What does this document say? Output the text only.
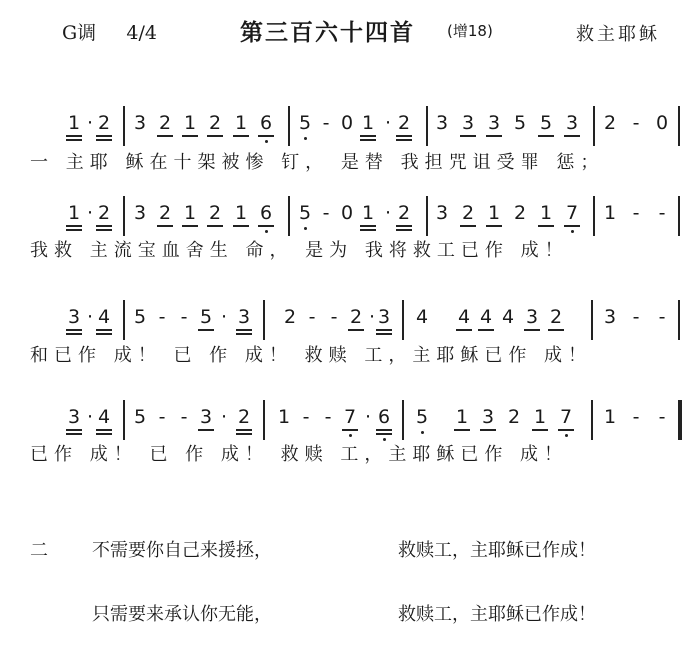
G调 4/4	第三百六十四首 (增18)	救主耶稣
1 · 2 3 2 1 2 1 6 5 - 0 1 · 2 3 3 3 5 5 3 2 - 0
1 · 2 3 2 1 2 1 6 5 - 0 1 · 2 3 2 1 2 1 7 1 - -
3 · 4 5 - - 5 · 3 2 - - 2 · 3 4 4 4 4 3 2 3 - -
3 · 4 5 - - 3 · 2 1 - - 7 · 6 5 1 3 2 1 7 1 - -
一 主耶 稣在十架被惨 钉， 是替 我担咒诅受罪 惩；
我救 主流宝血舍生 命， 是为 我将救工已作 成！
和已作 成！ 已 作 成！ 救赎 工，主耶稣已作 成！
已作 成！ 已 作 成！ 救赎 工，主耶稣已作 成！
二 不需要你自己来援拯，	救赎工，主耶稣已作成！
只需要来承认你无能，	救赎工，主耶稣已作成！
